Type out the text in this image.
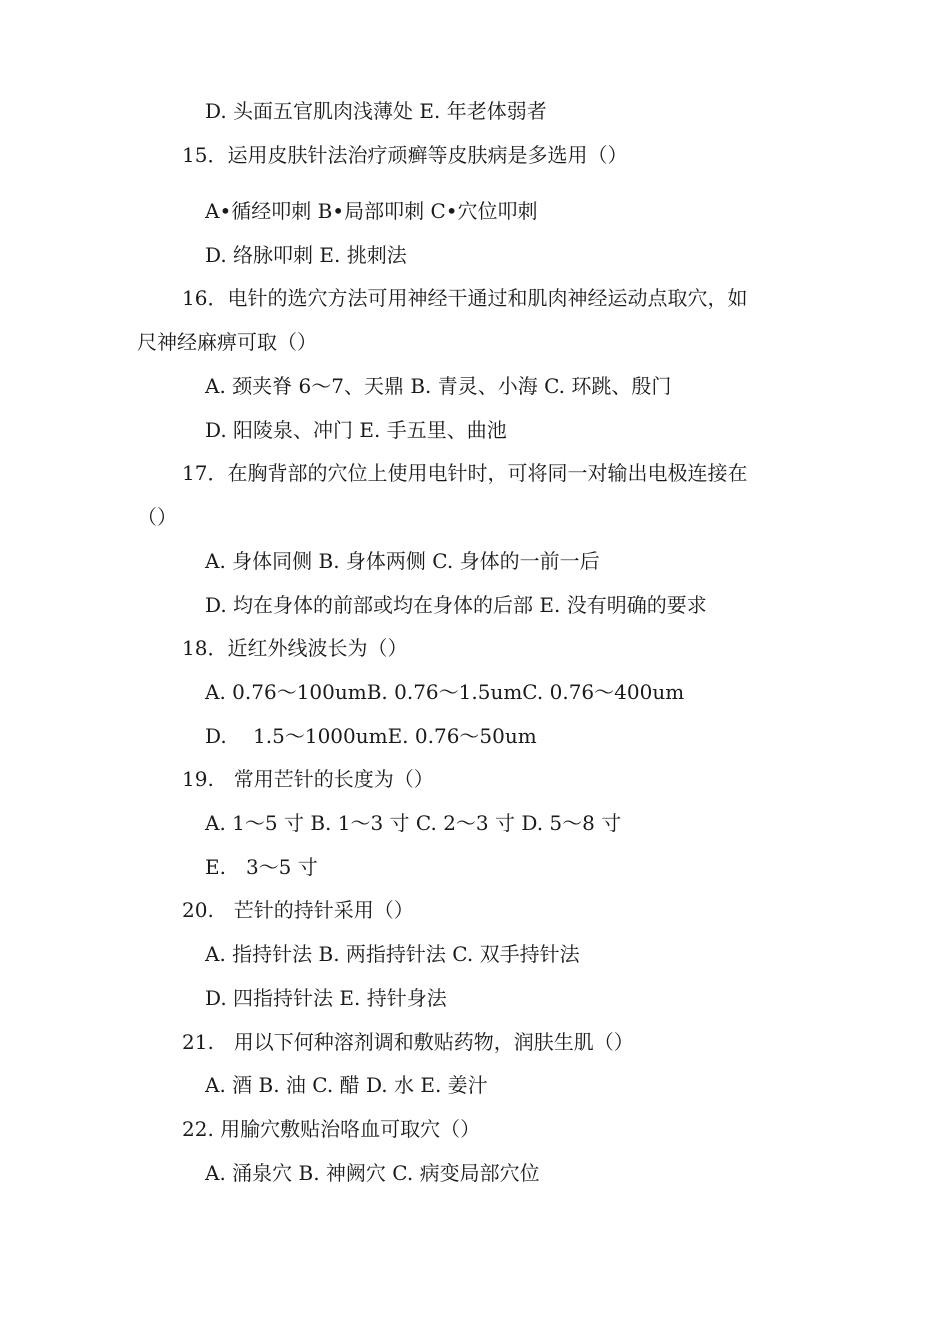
D. 头面五官肌肉浅薄处 E. 年老体弱者
15．运用皮肤针法治疗顽癣等皮肤病是多选用（）
A•循经叩刺 B•局部叩刺 C•穴位叩刺
D. 络脉叩刺 E. 挑刺法
16．电针的选穴方法可用神经干通过和肌肉神经运动点取穴，如
尺神经麻痹可取（）
A. 颈夹脊 6〜7、天鼎 B. 青灵、小海 C. 环跳、殷门
D. 阳陵泉、冲门 E. 手五里、曲池
17．在胸背部的穴位上使用电针时，可将同一对输出电极连接在
（）
A. 身体同侧 B. 身体两侧 C. 身体的一前一后
D. 均在身体的前部或均在身体的后部 E. 没有明确的要求
18．近红外线波长为（）
A. 0.76〜100umB. 0.76〜1.5umC. 0.76〜400um
D.　 1.5〜1000umE. 0.76〜50um
19.　常用芒针的长度为（）
A. 1〜5 寸 B. 1〜3 寸 C. 2〜3 寸 D. 5〜8 寸
E.　3〜5 寸
20.　芒针的持针采用（）
A. 指持针法 B. 两指持针法 C. 双手持针法
D. 四指持针法 E. 持针身法
21.　用以下何种溶剂调和敷贴药物，润肤生肌（）
A. 酒 B. 油 C. 醋 D. 水 E. 姜汁
22. 用腧穴敷贴治咯血可取穴（）
A. 涌泉穴 B. 神阙穴 C. 病变局部穴位
